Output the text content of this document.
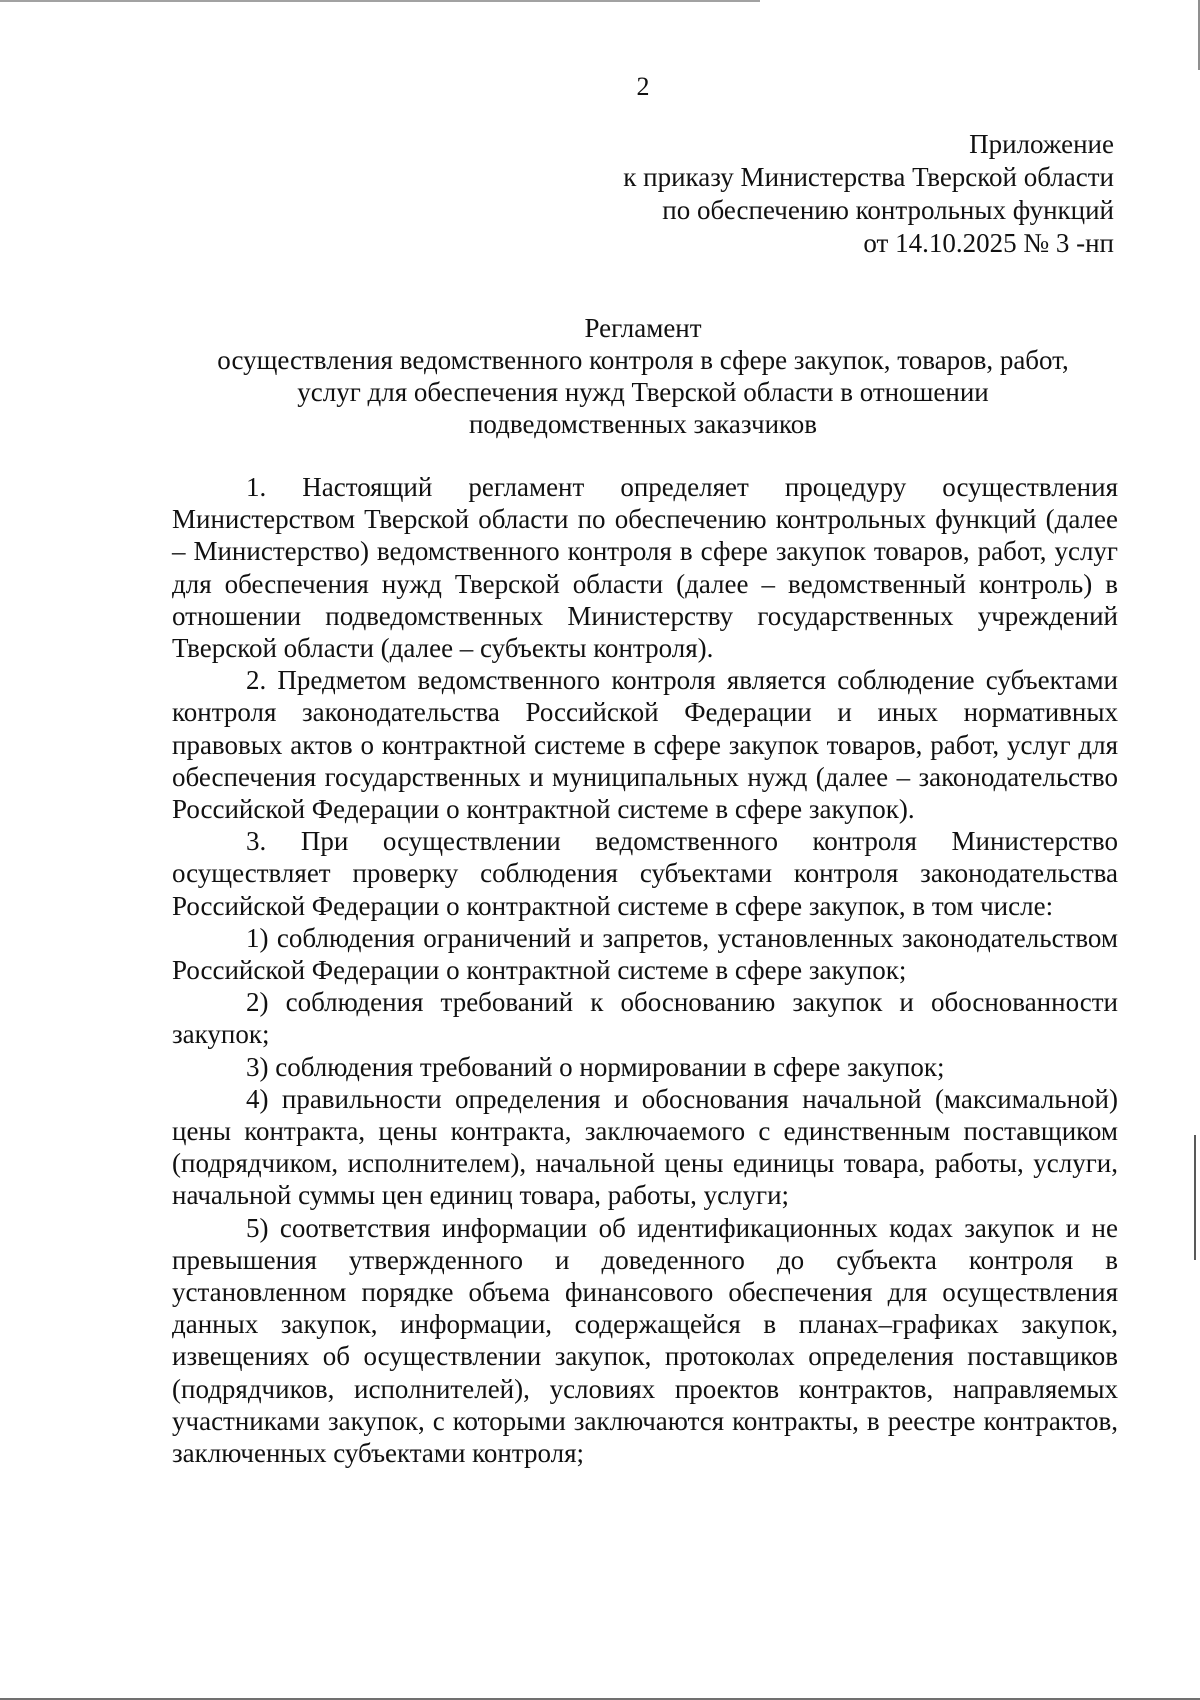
2
Приложение
к приказу Министерства Тверской области
по обеспечению контрольных функций
от 14.10.2025 № 3 -нп
Регламент
осуществления ведомственного контроля в сфере закупок, товаров, работ,
услуг для обеспечения нужд Тверской области в отношении
подведомственных заказчиков

1. Настоящий регламент определяет процедуру осуществления Министерством Тверской области по обеспечению контрольных функций (далее – Министерство) ведомственного контроля в сфере закупок товаров, работ, услуг для обеспечения нужд Тверской области (далее – ведомственный контроль) в отношении подведомственных Министерству государственных учреждений Тверской области (далее – субъекты контроля).

2. Предметом ведомственного контроля является соблюдение субъектами контроля законодательства Российской Федерации и иных нормативных правовых актов о контрактной системе в сфере закупок товаров, работ, услуг для обеспечения государственных и муниципальных нужд (далее – законодательство Российской Федерации о контрактной системе в сфере закупок).

3. При осуществлении ведомственного контроля Министерство осуществляет проверку соблюдения субъектами контроля законодательства Российской Федерации о контрактной системе в сфере закупок, в том числе:

1) соблюдения ограничений и запретов, установленных законодательством Российской Федерации о контрактной системе в сфере закупок;

2) соблюдения требований к обоснованию закупок и обоснованности закупок;

3) соблюдения требований о нормировании в сфере закупок;

4) правильности определения и обоснования начальной (максимальной) цены контракта, цены контракта, заключаемого с единственным поставщиком (подрядчиком, исполнителем), начальной цены единицы товара, работы, услуги, начальной суммы цен единиц товара, работы, услуги;

5) соответствия информации об идентификационных кодах закупок и не превышения утвержденного и доведенного до субъекта контроля в установленном порядке объема финансового обеспечения для осуществления данных закупок, информации, содержащейся в планах–графиках закупок, извещениях об осуществлении закупок, протоколах определения поставщиков (подрядчиков, исполнителей), условиях проектов контрактов, направляемых участниками закупок, с которыми заключаются контракты, в реестре контрактов, заключенных субъектами контроля;
